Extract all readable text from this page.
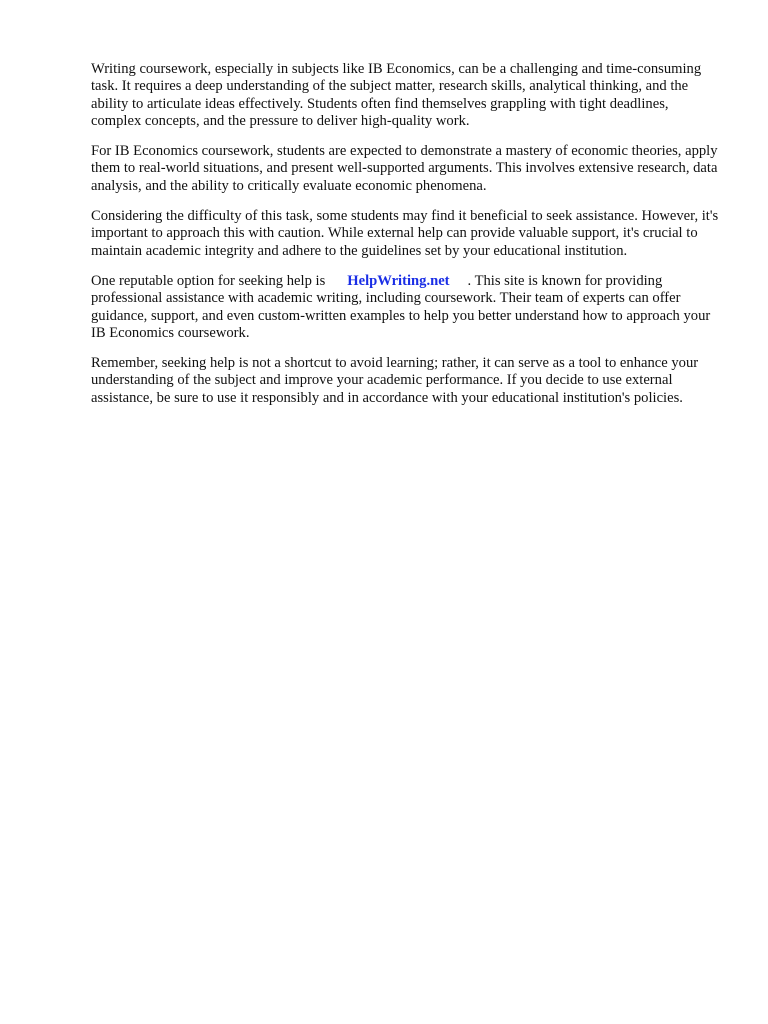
Writing coursework, especially in subjects like IB Economics, can be a challenging and time-consuming task. It requires a deep understanding of the subject matter, research skills, analytical thinking, and the ability to articulate ideas effectively. Students often find themselves grappling with tight deadlines, complex concepts, and the pressure to deliver high-quality work.

For IB Economics coursework, students are expected to demonstrate a mastery of economic theories, apply them to real-world situations, and present well-supported arguments. This involves extensive research, data analysis, and the ability to critically evaluate economic phenomena.

Considering the difficulty of this task, some students may find it beneficial to seek assistance. However, it's important to approach this with caution. While external help can provide valuable support, it's crucial to maintain academic integrity and adhere to the guidelines set by your educational institution.

One reputable option for seeking help is HelpWriting.net . This site is known for providing professional assistance with academic writing, including coursework. Their team of experts can offer guidance, support, and even custom-written examples to help you better understand how to approach your IB Economics coursework.

Remember, seeking help is not a shortcut to avoid learning; rather, it can serve as a tool to enhance your understanding of the subject and improve your academic performance. If you decide to use external assistance, be sure to use it responsibly and in accordance with your educational institution's policies.
